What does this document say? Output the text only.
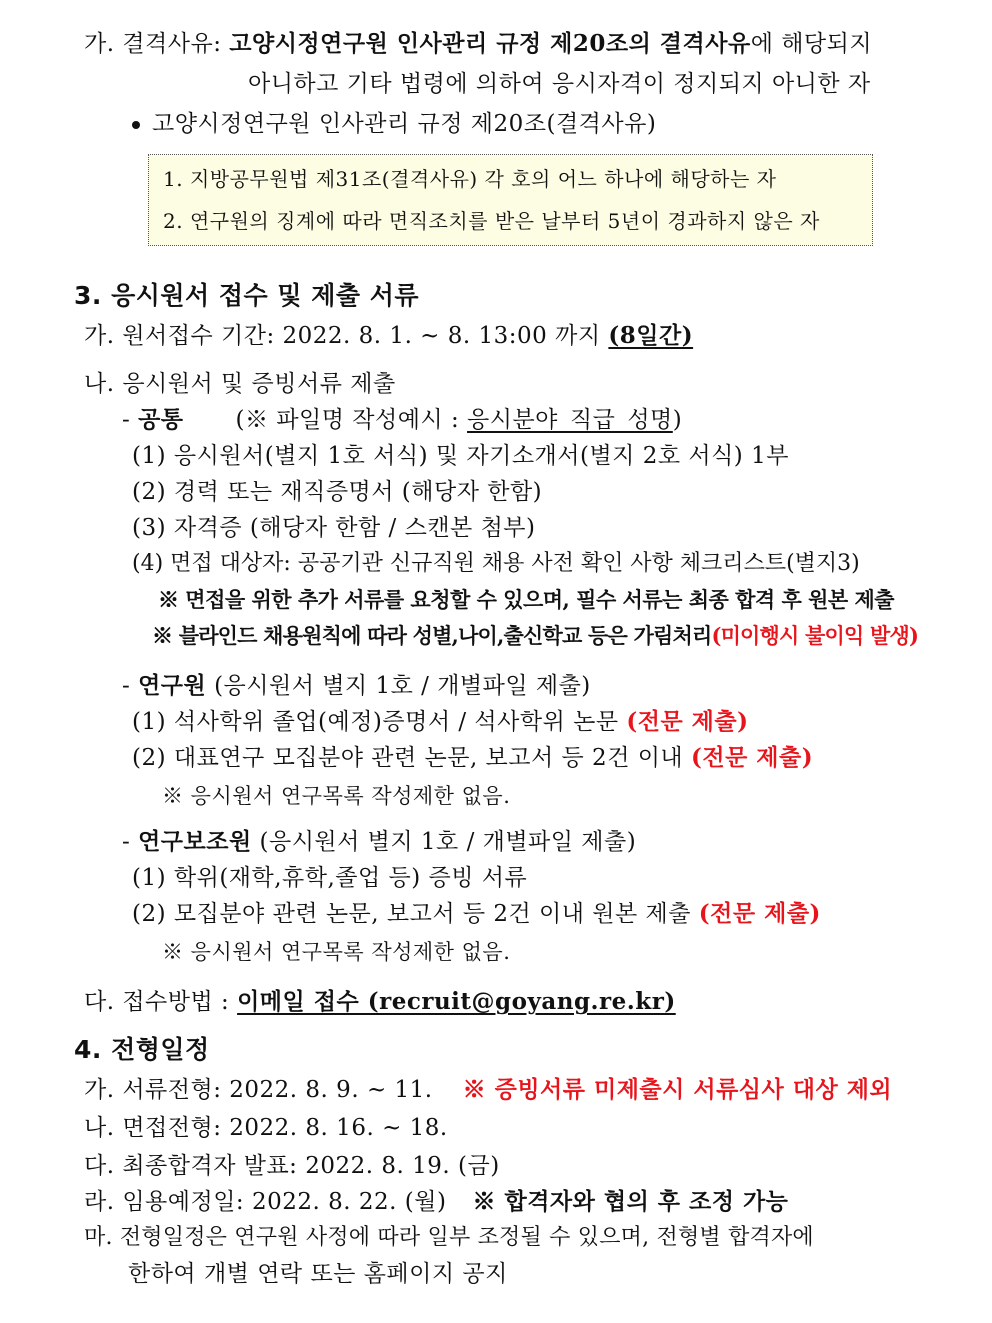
가. 결격사유: 고양시정연구원 인사관리 규정 제20조의 결격사유에 해당되지
아니하고 기타 법령에 의하여 응시자격이 정지되지 아니한 자
고양시정연구원 인사관리 규정 제20조(결격사유)
1. 지방공무원법 제31조(결격사유) 각 호의 어느 하나에 해당하는 자
2. 연구원의 징계에 따라 면직조치를 받은 날부터 5년이 경과하지 않은 자
3. 응시원서 접수 및 제출 서류
가. 원서접수 기간: 2022. 8. 1. ~ 8. 13:00 까지 (8일간)
나. 응시원서 및 증빙서류 제출
- 공통 (※ 파일명 작성예시 : 응시분야_직급_성명)
(1) 응시원서(별지 1호 서식) 및 자기소개서(별지 2호 서식) 1부
(2) 경력 또는 재직증명서 (해당자 한함)
(3) 자격증 (해당자 한함 / 스캔본 첨부)
(4) 면접 대상자: 공공기관 신규직원 채용 사전 확인 사항 체크리스트(별지3)
※ 면접을 위한 추가 서류를 요청할 수 있으며, 필수 서류는 최종 합격 후 원본 제출
※ 블라인드 채용원칙에 따라 성별,나이,출신학교 등은 가림처리(미이행시 불이익 발생)
- 연구원 (응시원서 별지 1호 / 개별파일 제출)
(1) 석사학위 졸업(예정)증명서 / 석사학위 논문 (전문 제출)
(2) 대표연구 모집분야 관련 논문, 보고서 등 2건 이내 (전문 제출)
※ 응시원서 연구목록 작성제한 없음.
- 연구보조원 (응시원서 별지 1호 / 개별파일 제출)
(1) 학위(재학,휴학,졸업 등) 증빙 서류
(2) 모집분야 관련 논문, 보고서 등 2건 이내 원본 제출 (전문 제출)
※ 응시원서 연구목록 작성제한 없음.
다. 접수방법 : 이메일 접수 (recruit@goyang.re.kr)
4. 전형일정
가. 서류전형: 2022. 8. 9. ~ 11. ※ 증빙서류 미제출시 서류심사 대상 제외
나. 면접전형: 2022. 8. 16. ~ 18.
다. 최종합격자 발표: 2022. 8. 19. (금)
라. 임용예정일: 2022. 8. 22. (월) ※ 합격자와 협의 후 조정 가능
마. 전형일정은 연구원 사정에 따라 일부 조정될 수 있으며, 전형별 합격자에
한하여 개별 연락 또는 홈페이지 공지
